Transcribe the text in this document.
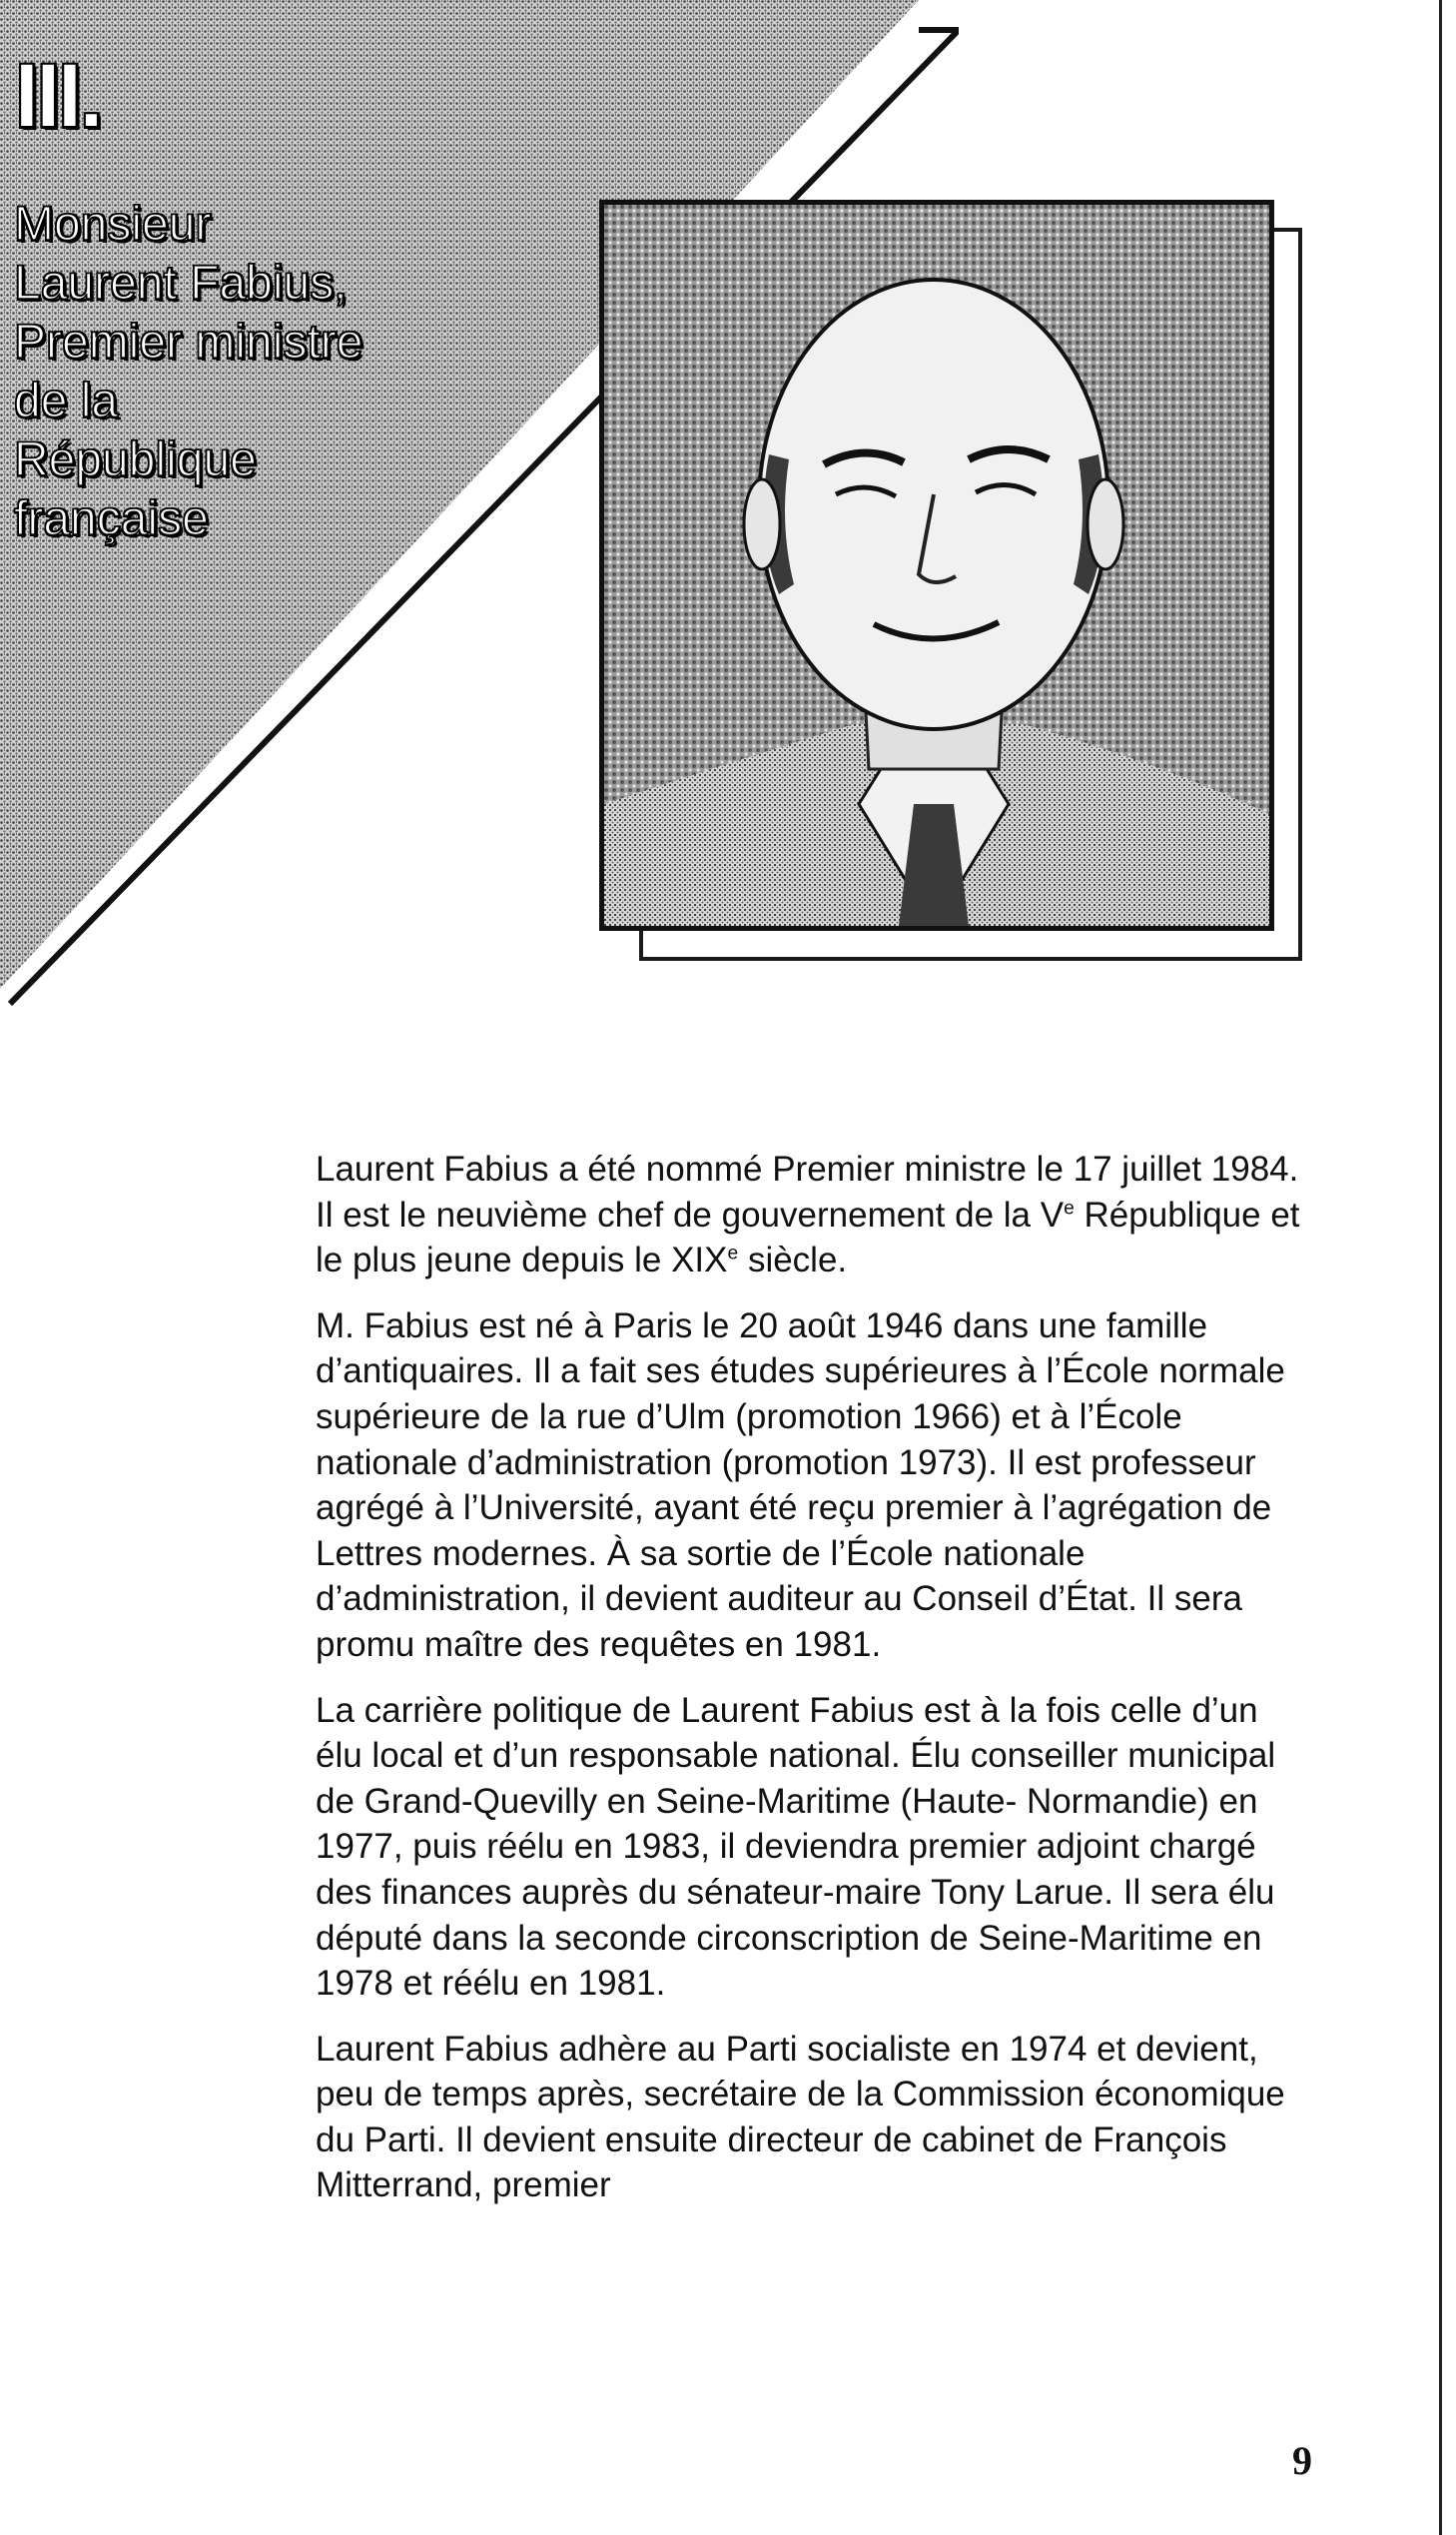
III.
Monsieur
Laurent Fabius,
Premier ministre
de la
République
française

Laurent Fabius a été nommé Premier ministre le 17 juillet 1984. Il est le neuvième chef de gouvernement de la Ve République et le plus jeune depuis le XIXe siècle.

M. Fabius est né à Paris le 20 août 1946 dans une famille d’antiquaires. Il a fait ses études supérieures à l’École normale supérieure de la rue d’Ulm (promotion 1966) et à l’École nationale d’administration (promotion 1973). Il est professeur agrégé à l’Université, ayant été reçu premier à l’agrégation de Lettres modernes. À sa sortie de l’École nationale d’administration, il devient auditeur au Conseil d’État. Il sera promu maître des requêtes en 1981.

La carrière politique de Laurent Fabius est à la fois celle d’un élu local et d’un responsable national. Élu conseiller municipal de Grand-Quevilly en Seine-Maritime (Haute- Normandie) en 1977, puis réélu en 1983, il deviendra premier adjoint chargé des finances auprès du sénateur-maire Tony Larue. Il sera élu député dans la seconde circonscription de Seine-Maritime en 1978 et réélu en 1981.

Laurent Fabius adhère au Parti socialiste en 1974 et devient, peu de temps après, secrétaire de la Commission économique du Parti. Il devient ensuite directeur de cabinet de François Mitterrand, premier

9
